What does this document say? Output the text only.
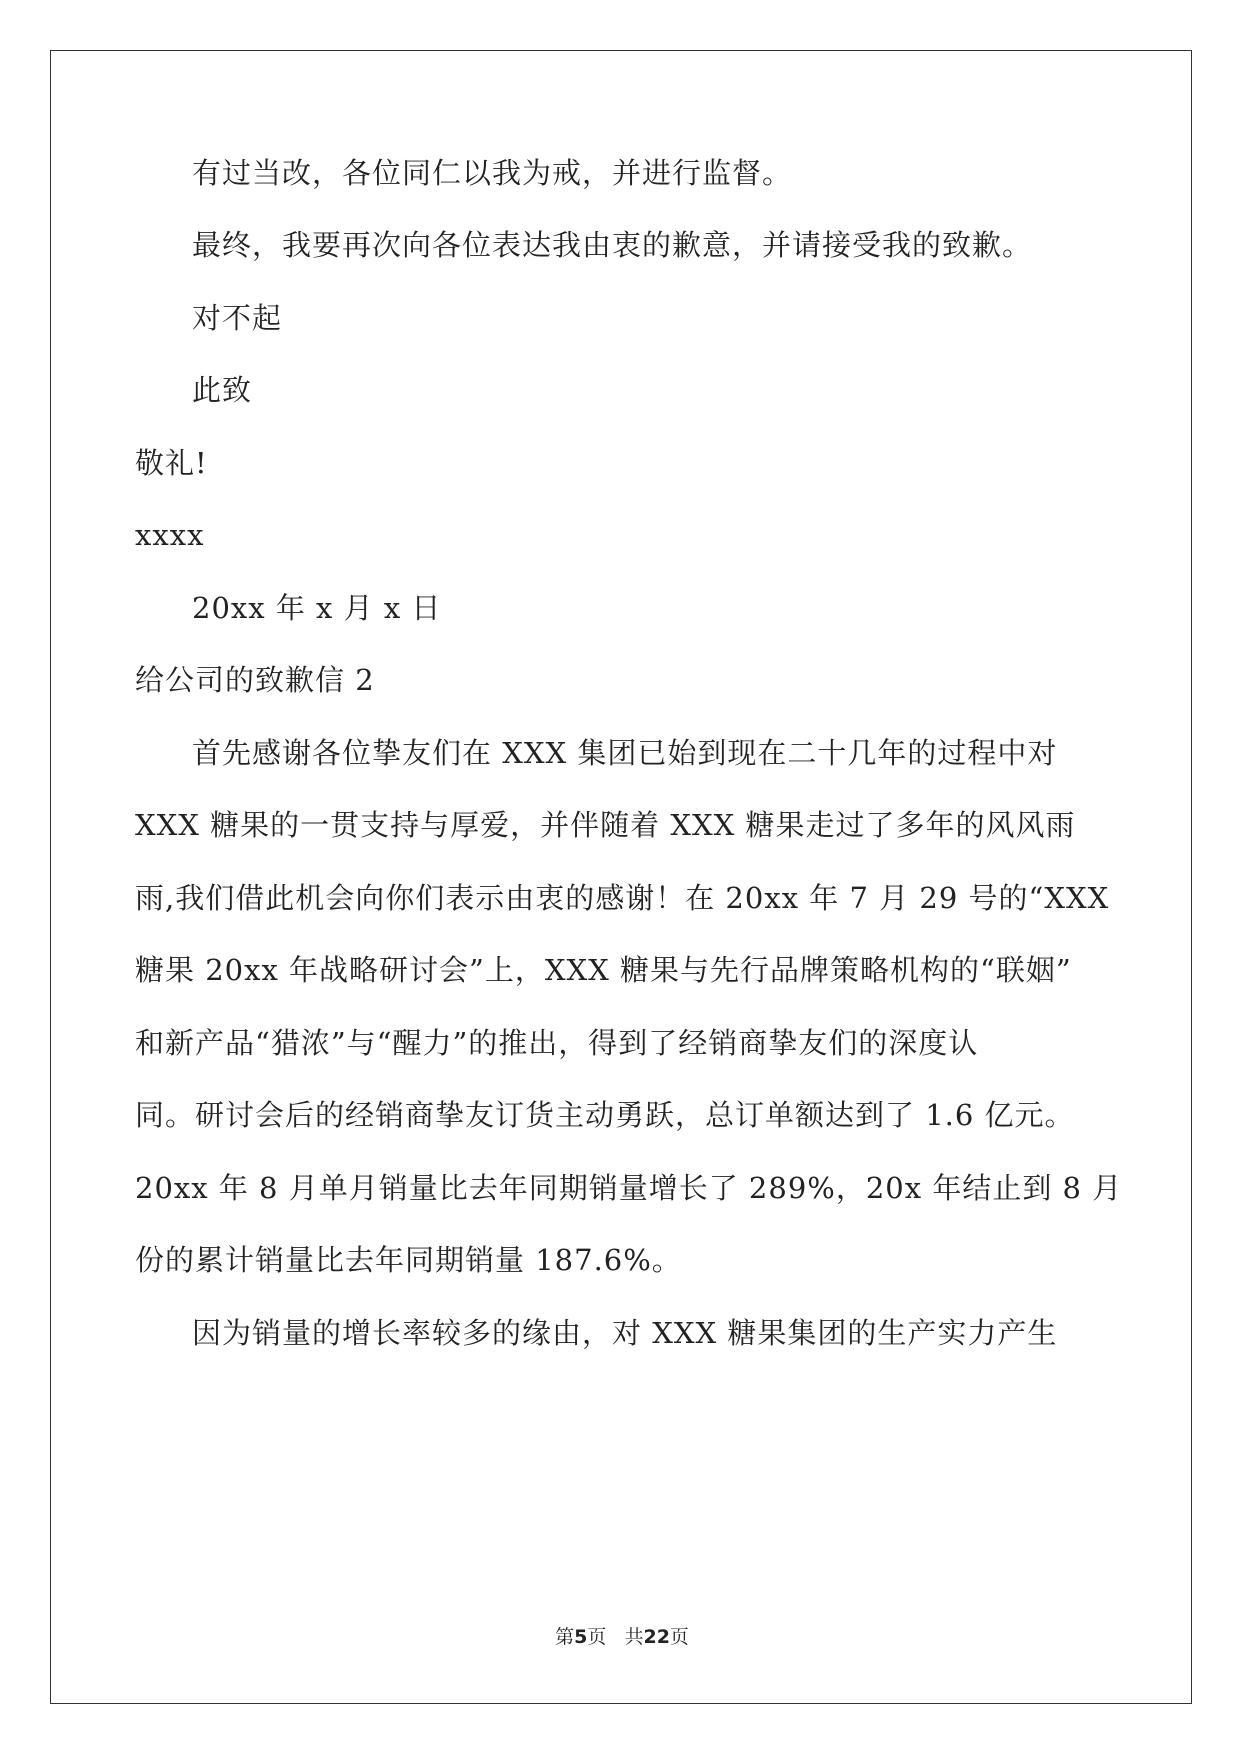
有过当改，各位同仁以我为戒，并进行监督。
最终，我要再次向各位表达我由衷的歉意，并请接受我的致歉。
对不起
此致
敬礼!
xxxx
20xx 年 x 月 x 日
给公司的致歉信 2
首先感谢各位挚友们在 XXX 集团已始到现在二十几年的过程中对
XXX 糖果的一贯支持与厚爱，并伴随着 XXX 糖果走过了多年的风风雨
雨,我们借此机会向你们表示由衷的感谢！在 20xx 年 7 月 29 号的“XXX
糖果 20xx 年战略研讨会”上，XXX 糖果与先行品牌策略机构的“联姻”
和新产品“猎浓”与“醒力”的推出，得到了经销商挚友们的深度认
同。研讨会后的经销商挚友订货主动勇跃，总订单额达到了 1.6 亿元。
20xx 年 8 月单月销量比去年同期销量增长了 289%，20x 年结止到 8 月
份的累计销量比去年同期销量 187.6%。
因为销量的增长率较多的缘由，对 XXX 糖果集团的生产实力产生
第5页 共22页
